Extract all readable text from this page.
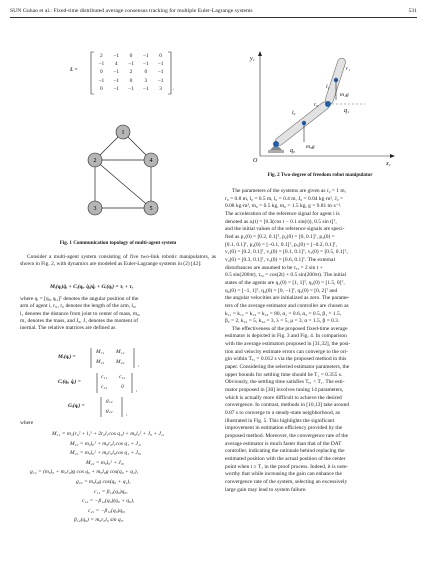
SUN Guhao et al.: Fixed-time distributed average consensus tracking for multiple Euler-Lagrange systems	531
L =
2	−1	0	−1	0
−1	4	−1	−1	−1
0	−1	2	0	−1
−1	−1	0	3	−1
0	−1	−1	−1	3	.
1
2
3
4
5
Fig. 1 Communication topology of multi-agent system

Consider a multi-agent system consisting of five two-link robotic manipulators, as shown in Fig. 2, with dynamics are modeled as Euler-Lagrange systems in (2) [42]:

Mᵢ(qᵢ)q̈ᵢ + Cᵢ(qᵢ, q̇ᵢ)q̇ᵢ + Gᵢ(qᵢ) = τᵢ + τₑ
where qᵢ = [qᵢ₀ qᵢ₁]ᵀ denotes the angular position of the
arm of agent i, rᵢ₁, r₀ denotes the length of the arm, l₀,
l₁ denotes the distance from joint to center of mass, m₀,
m₁ denotes the mass, and J₀, J₁ denotes the moment of
inertial. The relative matrices are defined as
Mᵢ(qᵢ) =
M₁₁ M₁₂
M₂₁ M₂₂	,
Cᵢ(qᵢ, q̇ᵢ) =
c₁₁ c₁₂
c₂₁ 0 ,
Gᵢ(qᵢ) =
g₁₂
g₂₂ ,
where
M₁₁ = m₁(r₀² + l₁² + 2r₀l₁cos q₁) + m₀l₀² + J₀ + J₁,
M₁₂ = m₀l₀² + m₀r₀l₁cos q₁ + J₁,
M₂₁ = m₀l₀² + m₀r₀l₀cos q₁ + J₀,
M₂₂ = m₀l₀² + J₀,
g₁₂ = (m₀l₀ + m₀r₀)g cos q₀ + m₀l₀g cos(q₀ + q₁),
g₂₂ = m₀l₀g cos(q₀ + q₁),
c₁₁ = β₁₂(q₀)q₀,
c₁₂ = −β₁₂(q₀)(q₀ + q₀),
c₂₁ = −β₁₂(q₀)q₀,
β₁₂(q₀) = m₀r₀l₀ sin q₀.
y₁
x₁
q₀
q₁
l₀
l₁
m₀g
m₁g
r₀
r₁
O
Fig. 2 Two-degree of freedom robot manipulator
The parameters of the systems are given as r₀ = 1 m,
r₀ = 0.8 m, l₀ = 0.5 m, l₀ = 0.4 m, J₀ = 0.04 kg·m², J₀ =
0.08 kg·m², m₀ = 0.5 kg, m₀ = 1.5 kg, g = 9.81 m·s⁻².
The acceleration of the reference signal for agent i is
denoted as aᵢ(t) = [0.3(cos t − 0.1 sin(t)), 0.5 sin t]ᵀ,
and the initial values of the reference signals are speci-
fied as p₁(0) = [0.2, 0.1]ᵀ, p₂(0) = [0, 0.1]ᵀ, p₃(0) =
[0.1, 0.1]ᵀ, p₄(0) = [−0.1, 0.1]ᵀ, p₅(0) = [−0.2, 0.1]ᵀ,
v₁(0) = [0.2, 0.1]ᵀ, v₂(0) = [0.1, 0.1]ᵀ, v₃(0) = [0.5, 0.1]ᵀ,
v₄(0) = [0.3, 0.1]ᵀ, v₅(0) = [0.6, 0.1]ᵀ. The external
disturbances are assumed to be τₑ₁ = 2 sin t +
0.5 sin(200πt), τₑ₂ = cos(2t) + 0.5 sin(200πt). The initial
states of the agents are q₁(0) = [1, 1]ᵀ, q₂(0) = [1.5, 0]ᵀ,
q₃(0) = [−1, 1]ᵀ, q₄(0) = [0, −1]ᵀ, q₅(0) = [0, 2]ᵀ and
the angular velocities are initialized as zero. The parame-
ters of the average estimator and controller are chosen as
k₁₁ = k₁₂ = k₁₃ = k₁₄ = 80, α₁ = 0.6, α₂ = 0.5, β₁ = 1.5,
β₂ = 2, k₂₁ = 5, k₂₂ = 3, λ = 5, μ = 3, α = 1.5, β = 0.3.
The effectiveness of the proposed fixed-time average
estimator is depicted in Fig. 3 and Fig. 4. In comparison
with the average estimators proposed in [31,32], the posi-
tion and velocity estimate errors can converge to the ori-
gin within Tₑ₁ = 0.012 s via the proposed method in this
paper. Considering the selected estimator parameters, the
upper bounds for settling time should be T₁ = 0.355 s.
Obviously, the settling time satisfies Tₑ₁ < T₁. The esti-
mator proposed in [30] involves tuning 14 parameters,
which is actually more difficult to achieve the desired
convergence. In contrast, methods in [10,13] take around
0.87 s to converge to a steady-state neighborhood, as
illustrated in Fig. 5. This highlights the significant
improvement in estimation efficiency provided by the
proposed method. Moreover, the convergence rate of the
average estimator is much faster than that of the DAT
controller, indicating the rationale behind replacing the
estimated position with the actual position of the center
point when t ≥ T₁ in the proof process. Indeed, it is note-
worthy that while increasing the gain can enhance the
convergence rate of the system, selecting an excessively
large gain may lead to system failure.
